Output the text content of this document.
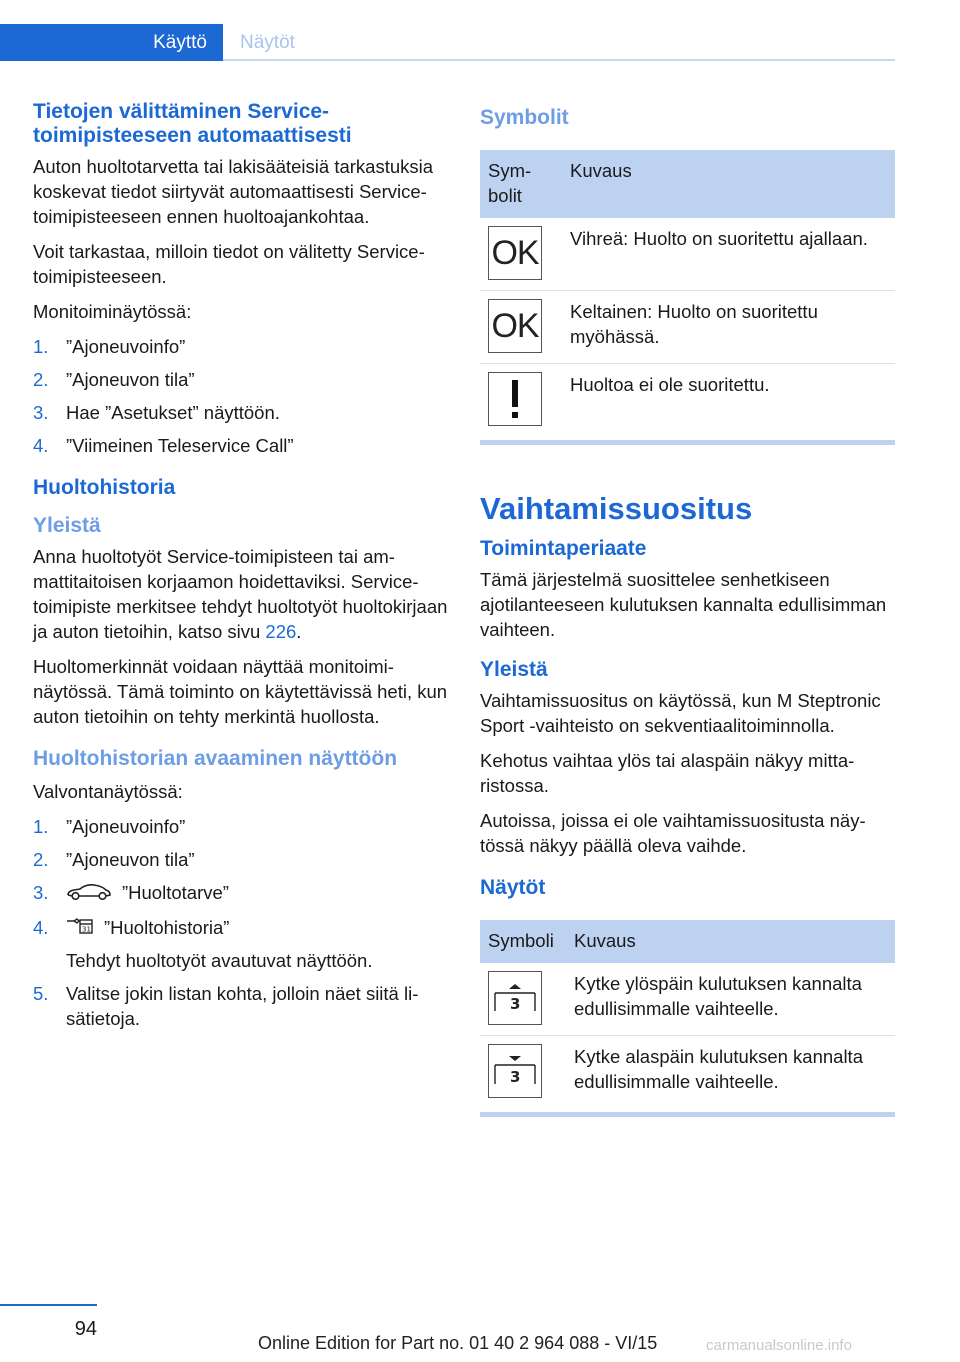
Käyttö	Näytöt
Tietojen välittäminen Service-toimipisteeseen automaattisesti

Auton huoltotarvetta tai lakisääteisiä tarkastuksia koskevat tiedot siirtyvät automaattisesti Service-toimipisteeseen ennen huoltoajankohtaa.

Voit tarkastaa, milloin tiedot on välitetty Service-toimipisteeseen.

Monitoiminäytössä:

1. ”Ajoneuvoinfo”
2. ”Ajoneuvon tila”
3. Hae ”Asetukset” näyttöön.
4. ”Viimeinen Teleservice Call”
Huoltohistoria
Yleistä

Anna huoltotyöt Service-toimipisteen tai ammattitaitoisen korjaamon hoidettaviksi. Service-toimipiste merkitsee tehdyt huoltotyöt huoltokirjaan ja auton tietoihin, katso sivu 226.

Huoltomerkinnät voidaan näyttää monitoiminäytössä. Tämä toiminto on käytettävissä heti, kun auton tietoihin on tehty merkintä huollosta.

Huoltohistorian avaaminen näyttöön

Valvontanäytössä:

1. ”Ajoneuvoinfo”
2. ”Ajoneuvon tila”
3.	”Huoltotarve”
4.	31 ”Huoltohistoria”
Tehdyt huoltotyöt avautuvat näyttöön.
5. Valitse jokin listan kohta, jolloin näet siitä lisätietoja.
Symbolit
Symbolit	Kuvaus

OK	Vihreä: Huolto on suoritettu ajallaan.

OK	Keltainen: Huolto on suoritettu myöhässä.

	Huoltoa ei ole suoritettu.
Vaihtamissuositus
Toimintaperiaate

Tämä järjestelmä suosittelee senhetkiseen ajotilanteeseen kulutuksen kannalta edullisimman vaihteen.

Yleistä

Vaihtamissuositus on käytössä, kun M Steptronic Sport -vaihteisto on sekventiaalitoiminnolla.

Kehotus vaihtaa ylös tai alaspäin näkyy mittaristossa.

Autoissa, joissa ei ole vaihtamissuositusta näytössä näkyy päällä oleva vaihde.

Näytöt
Symboli	Kuvaus

3	Kytke ylöspäin kulutuksen kannalta edullisimmalle vaihteelle.

3	Kytke alaspäin kulutuksen kannalta edullisimmalle vaihteelle.
94
Online Edition for Part no. 01 40 2 964 088 - VI/15	carmanualsonline.info
